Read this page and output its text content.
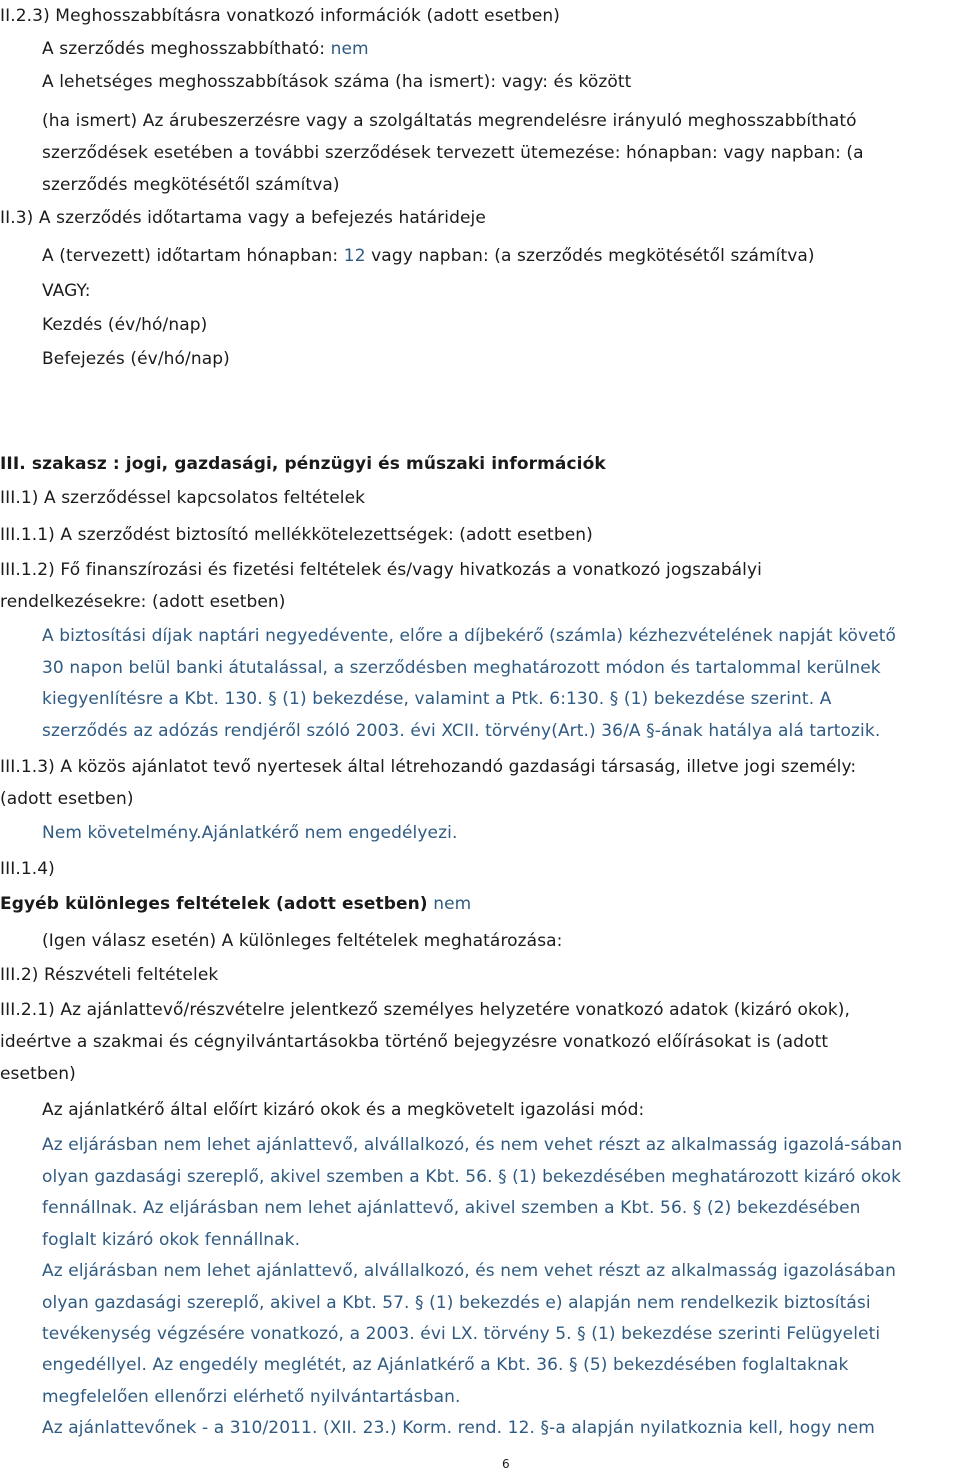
II.2.3) Meghosszabbításra vonatkozó információk (adott esetben)
A szerződés meghosszabbítható: nem
A lehetséges meghosszabbítások száma (ha ismert): vagy: és között
(ha ismert) Az árubeszerzésre vagy a szolgáltatás megrendelésre irányuló meghosszabbítható
szerződések esetében a további szerződések tervezett ütemezése: hónapban: vagy napban: (a
szerződés megkötésétől számítva)
II.3) A szerződés időtartama vagy a befejezés határideje
A (tervezett) időtartam hónapban: 12 vagy napban: (a szerződés megkötésétől számítva)
VAGY:
Kezdés (év/hó/nap)
Befejezés (év/hó/nap)
III. szakasz : jogi, gazdasági, pénzügyi és műszaki információk
III.1) A szerződéssel kapcsolatos feltételek
III.1.1) A szerződést biztosító mellékkötelezettségek: (adott esetben)
III.1.2) Fő finanszírozási és fizetési feltételek és/vagy hivatkozás a vonatkozó jogszabályi
rendelkezésekre: (adott esetben)
A biztosítási díjak naptári negyedévente, előre a díjbekérő (számla) kézhezvételének napját követő
30 napon belül banki átutalással, a szerződésben meghatározott módon és tartalommal kerülnek
kiegyenlítésre a Kbt. 130. § (1) bekezdése, valamint a Ptk. 6:130. § (1) bekezdése szerint. A
szerződés az adózás rendjéről szóló 2003. évi XCII. törvény(Art.) 36/A §-ának hatálya alá tartozik.
III.1.3) A közös ajánlatot tevő nyertesek által létrehozandó gazdasági társaság, illetve jogi személy:
(adott esetben)
Nem követelmény.Ajánlatkérő nem engedélyezi.
III.1.4)
Egyéb különleges feltételek (adott esetben) nem
(Igen válasz esetén) A különleges feltételek meghatározása:
III.2) Részvételi feltételek
III.2.1) Az ajánlattevő/részvételre jelentkező személyes helyzetére vonatkozó adatok (kizáró okok),
ideértve a szakmai és cégnyilvántartásokba történő bejegyzésre vonatkozó előírásokat is (adott
esetben)
Az ajánlatkérő által előírt kizáró okok és a megkövetelt igazolási mód:
Az eljárásban nem lehet ajánlattevő, alvállalkozó, és nem vehet részt az alkalmasság igazolá-sában
olyan gazdasági szereplő, akivel szemben a Kbt. 56. § (1) bekezdésében meghatározott kizáró okok
fennállnak. Az eljárásban nem lehet ajánlattevő, akivel szemben a Kbt. 56. § (2) bekezdésében
foglalt kizáró okok fennállnak.
Az eljárásban nem lehet ajánlattevő, alvállalkozó, és nem vehet részt az alkalmasság igazolásában
olyan gazdasági szereplő, akivel a Kbt. 57. § (1) bekezdés e) alapján nem rendelkezik biztosítási
tevékenység végzésére vonatkozó, a 2003. évi LX. törvény 5. § (1) bekezdése szerinti Felügyeleti
engedéllyel. Az engedély meglétét, az Ajánlatkérő a Kbt. 36. § (5) bekezdésében foglaltaknak
megfelelően ellenőrzi elérhető nyilvántartásban.
Az ajánlattevőnek - a 310/2011. (XII. 23.) Korm. rend. 12. §-a alapján nyilatkoznia kell, hogy nem
6
